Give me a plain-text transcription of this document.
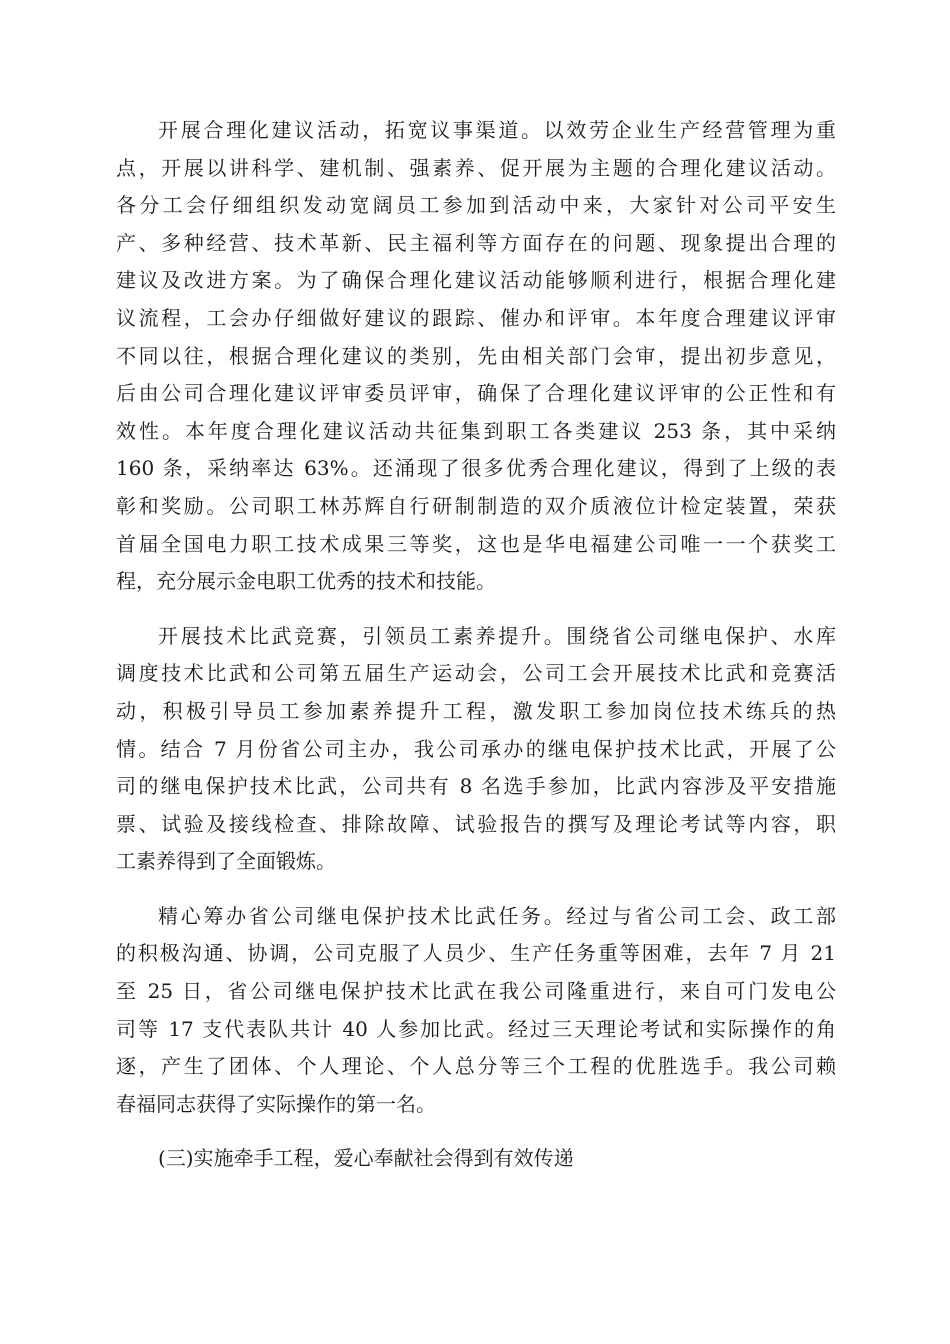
开展合理化建议活动，拓宽议事渠道。以效劳企业生产经营管理为重
点，开展以讲科学、建机制、强素养、促开展为主题的合理化建议活动。
各分工会仔细组织发动宽阔员工参加到活动中来，大家针对公司平安生
产、多种经营、技术革新、民主福利等方面存在的问题、现象提出合理的
建议及改进方案。为了确保合理化建议活动能够顺利进行，根据合理化建
议流程，工会办仔细做好建议的跟踪、催办和评审。本年度合理建议评审
不同以往，根据合理化建议的类别，先由相关部门会审，提出初步意见，
后由公司合理化建议评审委员评审，确保了合理化建议评审的公正性和有
效性。本年度合理化建议活动共征集到职工各类建议 253 条，其中采纳
160 条，采纳率达 63%。还涌现了很多优秀合理化建议，得到了上级的表
彰和奖励。公司职工林苏辉自行研制制造的双介质液位计检定装置，荣获
首届全国电力职工技术成果三等奖，这也是华电福建公司唯一一个获奖工
程，充分展示金电职工优秀的技术和技能。
开展技术比武竞赛，引领员工素养提升。围绕省公司继电保护、水库
调度技术比武和公司第五届生产运动会，公司工会开展技术比武和竞赛活
动，积极引导员工参加素养提升工程，激发职工参加岗位技术练兵的热
情。结合 7 月份省公司主办，我公司承办的继电保护技术比武，开展了公
司的继电保护技术比武，公司共有 8 名选手参加，比武内容涉及平安措施
票、试验及接线检查、排除故障、试验报告的撰写及理论考试等内容，职
工素养得到了全面锻炼。
精心筹办省公司继电保护技术比武任务。经过与省公司工会、政工部
的积极沟通、协调，公司克服了人员少、生产任务重等困难，去年 7 月 21
至 25 日，省公司继电保护技术比武在我公司隆重进行，来自可门发电公
司等 17 支代表队共计 40 人参加比武。经过三天理论考试和实际操作的角
逐，产生了团体、个人理论、个人总分等三个工程的优胜选手。我公司赖
春福同志获得了实际操作的第一名。
(三)实施牵手工程，爱心奉献社会得到有效传递
